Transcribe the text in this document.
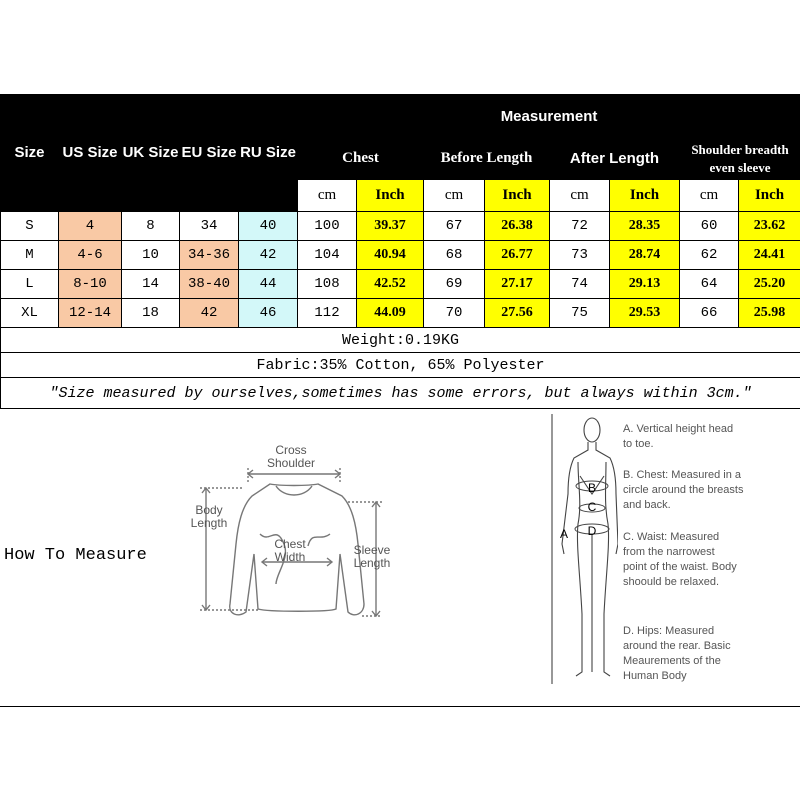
Size	US Size	UK Size	EU Size	RU Size	Measurement							
					Chest		Before Length		After Length		Shoulder breadth even sleeve	
					cm	Inch	cm	Inch	cm	Inch	cm	Inch
S	4	8	34	40	100	39.37	67	26.38	72	28.35	60	23.62
M	4-6	10	34-36	42	104	40.94	68	26.77	73	28.74	62	24.41
L	8-10	14	38-40	44	108	42.52	69	27.17	74	29.13	64	25.20
XL	12-14	18	42	46	112	44.09	70	27.56	75	29.53	66	25.98
Weight:0.19KG												
Fabric:35% Cotton, 65% Polyester												
"Size measured by ourselves,sometimes has some errors, but always within 3cm."												
How To Measure
Cross Shoulder
Body Length
Chest Width	Sleeve Length
A
B
C
D
A. Vertical height head to toe.
B. Chest: Measured in a circle around the breasts and back.
C. Waist: Measured from the narrowest point of the waist. Body shoould be relaxed.
D. Hips: Measured around the rear. Basic Meaurements of the Human Body
